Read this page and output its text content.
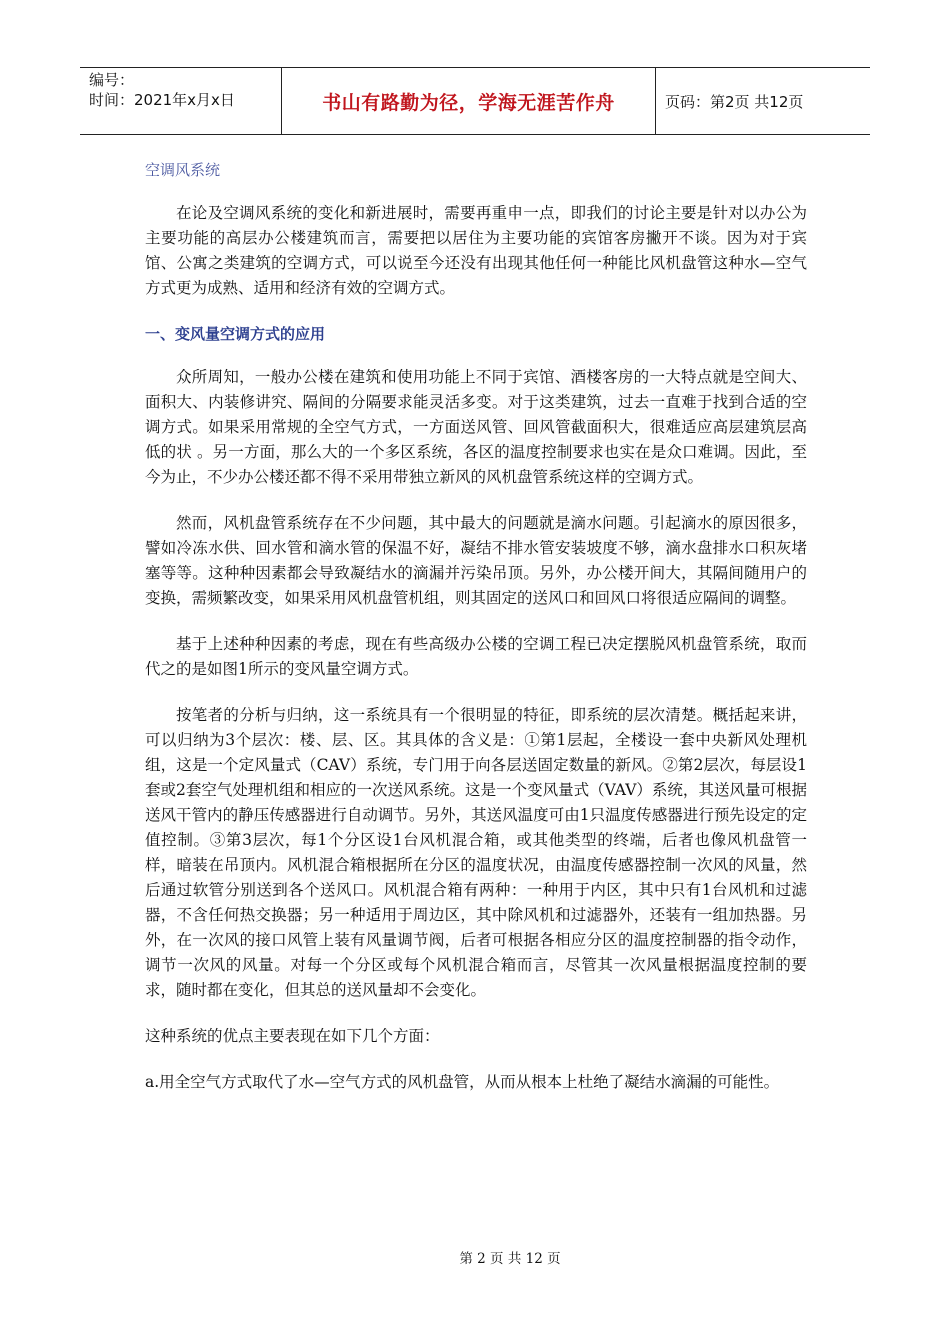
编号：
时间：2021年x月x日	书山有路勤为径，学海无涯苦作舟	页码：第2页 共12页
空调风系统

在论及空调风系统的变化和新进展时，需要再重申一点，即我们的讨论主要是针对以办公为主要功能的高层办公楼建筑而言，需要把以居住为主要功能的宾馆客房撇开不谈。因为对于宾馆、公寓之类建筑的空调方式，可以说至今还没有出现其他任何一种能比风机盘管这种水—空气方式更为成熟、适用和经济有效的空调方式。

一、变风量空调方式的应用

众所周知，一般办公楼在建筑和使用功能上不同于宾馆、酒楼客房的一大特点就是空间大、面积大、内装修讲究、隔间的分隔要求能灵活多变。对于这类建筑，过去一直难于找到合适的空调方式。如果采用常规的全空气方式，一方面送风管、回风管截面积大，很难适应高层建筑层高低的状 。另一方面，那么大的一个多区系统，各区的温度控制要求也实在是众口难调。因此，至今为止，不少办公楼还都不得不采用带独立新风的风机盘管系统这样的空调方式。

然而，风机盘管系统存在不少问题，其中最大的问题就是滴水问题。引起滴水的原因很多，譬如冷冻水供、回水管和滴水管的保温不好，凝结不排水管安装坡度不够，滴水盘排水口积灰堵塞等等。这种种因素都会导致凝结水的滴漏并污染吊顶。另外，办公楼开间大，其隔间随用户的变换，需频繁改变，如果采用风机盘管机组，则其固定的送风口和回风口将很适应隔间的调整。

基于上述种种因素的考虑，现在有些高级办公楼的空调工程已决定摆脱风机盘管系统，取而代之的是如图1所示的变风量空调方式。

按笔者的分析与归纳，这一系统具有一个很明显的特征，即系统的层次清楚。概括起来讲，可以归纳为3个层次：楼、层、区。其具体的含义是：①第1层起，全楼设一套中央新风处理机组，这是一个定风量式（CAV）系统，专门用于向各层送固定数量的新风。②第2层次，每层设1套或2套空气处理机组和相应的一次送风系统。这是一个变风量式（VAV）系统，其送风量可根据送风干管内的静压传感器进行自动调节。另外，其送风温度可由1只温度传感器进行预先设定的定值控制。③第3层次，每1个分区设1台风机混合箱，或其他类型的终端，后者也像风机盘管一样，暗装在吊顶内。风机混合箱根据所在分区的温度状况，由温度传感器控制一次风的风量，然后通过软管分别送到各个送风口。风机混合箱有两种：一种用于内区，其中只有1台风机和过滤器，不含任何热交换器；另一种适用于周边区，其中除风机和过滤器外，还装有一组加热器。另外，在一次风的接口风管上装有风量调节阀，后者可根据各相应分区的温度控制器的指令动作，调节一次风的风量。对每一个分区或每个风机混合箱而言，尽管其一次风量根据温度控制的要求，随时都在变化，但其总的送风量却不会变化。

这种系统的优点主要表现在如下几个方面：

a.用全空气方式取代了水—空气方式的风机盘管，从而从根本上杜绝了凝结水滴漏的可能性。

第 2 页 共 12 页
